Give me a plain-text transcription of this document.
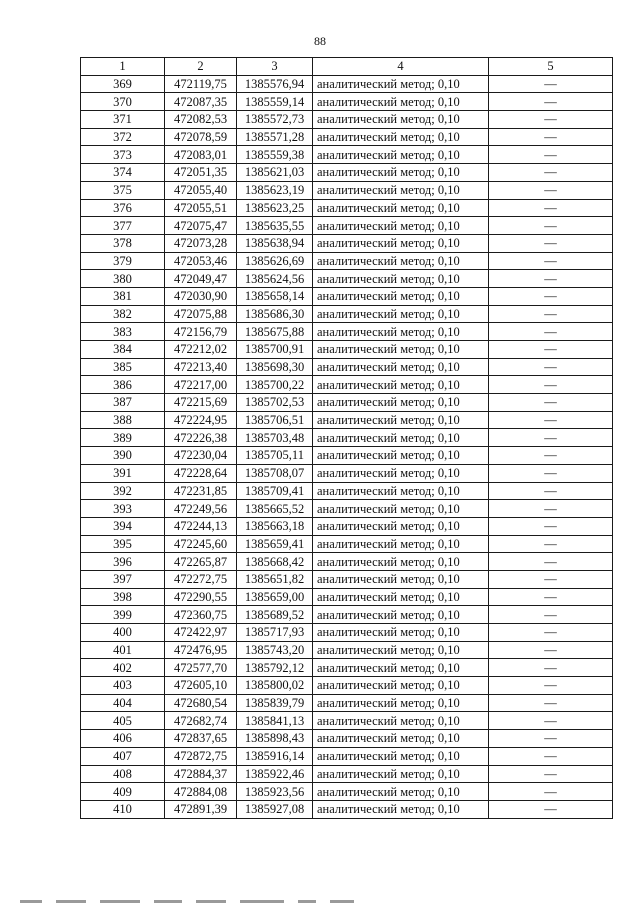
88
1	2	3	4	5
369	472119,75	1385576,94	аналитический метод; 0,10	—
370	472087,35	1385559,14	аналитический метод; 0,10	—
371	472082,53	1385572,73	аналитический метод; 0,10	—
372	472078,59	1385571,28	аналитический метод; 0,10	—
373	472083,01	1385559,38	аналитический метод; 0,10	—
374	472051,35	1385621,03	аналитический метод; 0,10	—
375	472055,40	1385623,19	аналитический метод; 0,10	—
376	472055,51	1385623,25	аналитический метод; 0,10	—
377	472075,47	1385635,55	аналитический метод; 0,10	—
378	472073,28	1385638,94	аналитический метод; 0,10	—
379	472053,46	1385626,69	аналитический метод; 0,10	—
380	472049,47	1385624,56	аналитический метод; 0,10	—
381	472030,90	1385658,14	аналитический метод; 0,10	—
382	472075,88	1385686,30	аналитический метод; 0,10	—
383	472156,79	1385675,88	аналитический метод; 0,10	—
384	472212,02	1385700,91	аналитический метод; 0,10	—
385	472213,40	1385698,30	аналитический метод; 0,10	—
386	472217,00	1385700,22	аналитический метод; 0,10	—
387	472215,69	1385702,53	аналитический метод; 0,10	—
388	472224,95	1385706,51	аналитический метод; 0,10	—
389	472226,38	1385703,48	аналитический метод; 0,10	—
390	472230,04	1385705,11	аналитический метод; 0,10	—
391	472228,64	1385708,07	аналитический метод; 0,10	—
392	472231,85	1385709,41	аналитический метод; 0,10	—
393	472249,56	1385665,52	аналитический метод; 0,10	—
394	472244,13	1385663,18	аналитический метод; 0,10	—
395	472245,60	1385659,41	аналитический метод; 0,10	—
396	472265,87	1385668,42	аналитический метод; 0,10	—
397	472272,75	1385651,82	аналитический метод; 0,10	—
398	472290,55	1385659,00	аналитический метод; 0,10	—
399	472360,75	1385689,52	аналитический метод; 0,10	—
400	472422,97	1385717,93	аналитический метод; 0,10	—
401	472476,95	1385743,20	аналитический метод; 0,10	—
402	472577,70	1385792,12	аналитический метод; 0,10	—
403	472605,10	1385800,02	аналитический метод; 0,10	—
404	472680,54	1385839,79	аналитический метод; 0,10	—
405	472682,74	1385841,13	аналитический метод; 0,10	—
406	472837,65	1385898,43	аналитический метод; 0,10	—
407	472872,75	1385916,14	аналитический метод; 0,10	—
408	472884,37	1385922,46	аналитический метод; 0,10	—
409	472884,08	1385923,56	аналитический метод; 0,10	—
410	472891,39	1385927,08	аналитический метод; 0,10	—
